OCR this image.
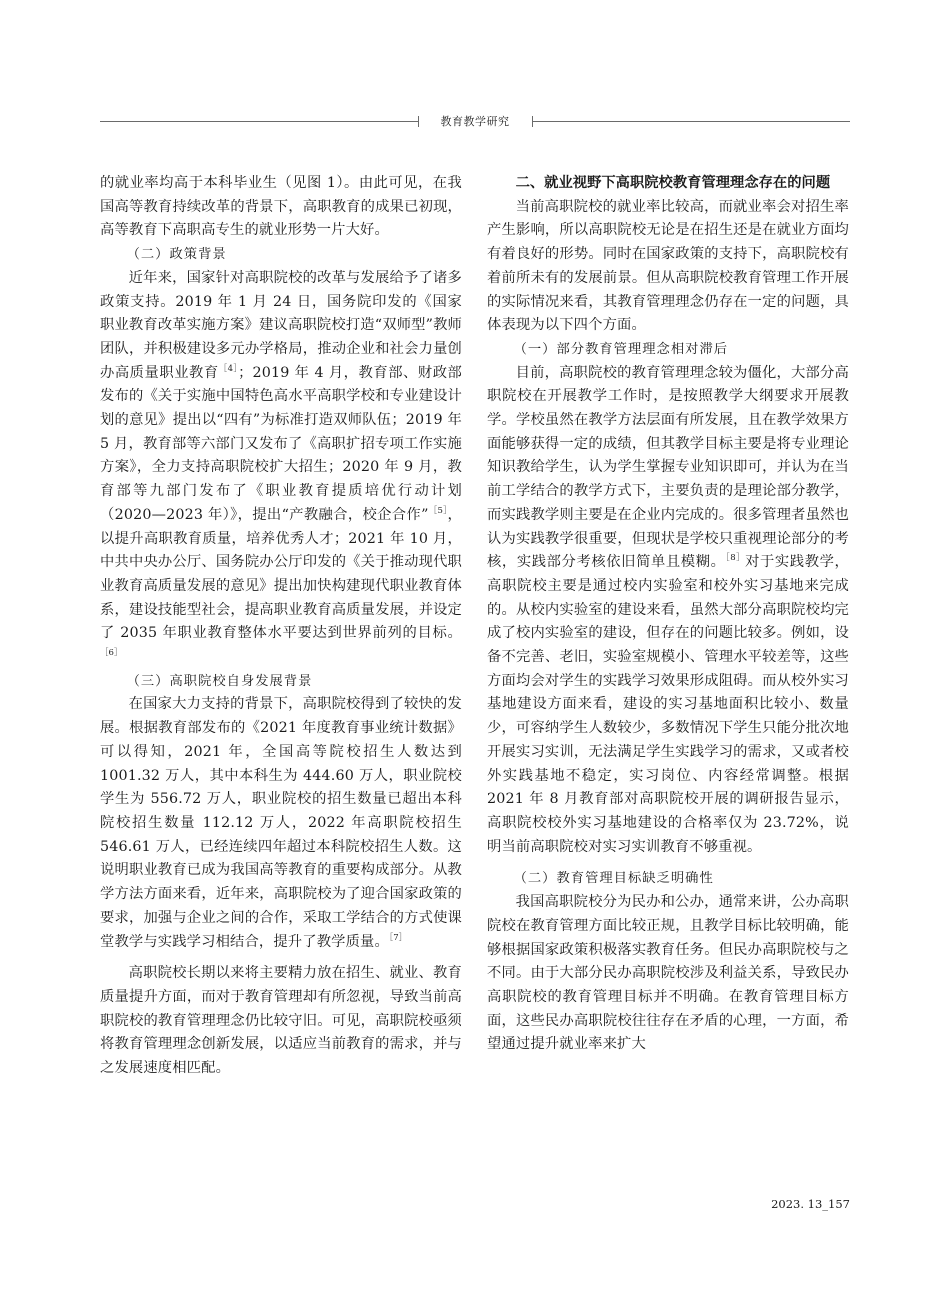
教育教学研究

的就业率均高于本科毕业生（见图 1）。由此可见，在我国高等教育持续改革的背景下，高职教育的成果已初现，高等教育下高职高专生的就业形势一片大好。

（二）政策背景

近年来，国家针对高职院校的改革与发展给予了诸多政策支持。2019 年 1 月 24 日，国务院印发的《国家职业教育改革实施方案》建议高职院校打造“双师型”教师团队，并积极建设多元办学格局，推动企业和社会力量创办高质量职业教育$^{[4]}$；2019 年 4 月，教育部、财政部发布的《关于实施中国特色高水平高职学校和专业建设计划的意见》提出以“四有”为标准打造双师队伍；2019 年 5 月，教育部等六部门又发布了《高职扩招专项工作实施方案》，全力支持高职院校扩大招生；2020 年 9 月，教育部等九部门发布了《职业教育提质培优行动计划（2020—2023 年）》，提出“产教融合，校企合作”$^{[5]}$，以提升高职教育质量，培养优秀人才；2021 年 10 月，中共中央办公厅、国务院办公厅印发的《关于推动现代职业教育高质量发展的意见》提出加快构建现代职业教育体系，建设技能型社会，提高职业教育高质量发展，并设定了 2035 年职业教育整体水平要达到世界前列的目标。$^{[6]}$

（三）高职院校自身发展背景

在国家大力支持的背景下，高职院校得到了较快的发展。根据教育部发布的《2021 年度教育事业统计数据》可以得知，2021 年，全国高等院校招生人数达到 1001.32 万人，其中本科生为 444.60 万人，职业院校学生为 556.72 万人，职业院校的招生数量已超出本科院校招生数量 112.12 万人，2022 年高职院校招生 546.61 万人，已经连续四年超过本科院校招生人数。这说明职业教育已成为我国高等教育的重要构成部分。从教学方法方面来看，近年来，高职院校为了迎合国家政策的要求，加强与企业之间的合作，采取工学结合的方式使课堂教学与实践学习相结合，提升了教学质量。$^{[7]}$

高职院校长期以来将主要精力放在招生、就业、教育质量提升方面，而对于教育管理却有所忽视，导致当前高职院校的教育管理理念仍比较守旧。可见，高职院校亟须将教育管理理念创新发展，以适应当前教育的需求，并与之发展速度相匹配。

二、就业视野下高职院校教育管理理念存在的问题

当前高职院校的就业率比较高，而就业率会对招生率产生影响，所以高职院校无论是在招生还是在就业方面均有着良好的形势。同时在国家政策的支持下，高职院校有着前所未有的发展前景。但从高职院校教育管理工作开展的实际情况来看，其教育管理理念仍存在一定的问题，具体表现为以下四个方面。

（一）部分教育管理理念相对滞后

目前，高职院校的教育管理理念较为僵化，大部分高职院校在开展教学工作时，是按照教学大纲要求开展教学。学校虽然在教学方法层面有所发展，且在教学效果方面能够获得一定的成绩，但其教学目标主要是将专业理论知识教给学生，认为学生掌握专业知识即可，并认为在当前工学结合的教学方式下，主要负责的是理论部分教学，而实践教学则主要是在企业内完成的。很多管理者虽然也认为实践教学很重要，但现状是学校只重视理论部分的考核，实践部分考核依旧简单且模糊。$^{[8]}$对于实践教学，高职院校主要是通过校内实验室和校外实习基地来完成的。从校内实验室的建设来看，虽然大部分高职院校均完成了校内实验室的建设，但存在的问题比较多。例如，设备不完善、老旧，实验室规模小、管理水平较差等，这些方面均会对学生的实践学习效果形成阻碍。而从校外实习基地建设方面来看，建设的实习基地面积比较小、数量少，可容纳学生人数较少，多数情况下学生只能分批次地开展实习实训，无法满足学生实践学习的需求，又或者校外实践基地不稳定，实习岗位、内容经常调整。根据 2021 年 8 月教育部对高职院校开展的调研报告显示，高职院校校外实习基地建设的合格率仅为 23.72%，说明当前高职院校对实习实训教育不够重视。

（二）教育管理目标缺乏明确性

我国高职院校分为民办和公办，通常来讲，公办高职院校在教育管理方面比较正规，且教学目标比较明确，能够根据国家政策积极落实教育任务。但民办高职院校与之不同。由于大部分民办高职院校涉及利益关系，导致民办高职院校的教育管理目标并不明确。在教育管理目标方面，这些民办高职院校往往存在矛盾的心理，一方面，希望通过提升就业率来扩大

2023. 13_157
